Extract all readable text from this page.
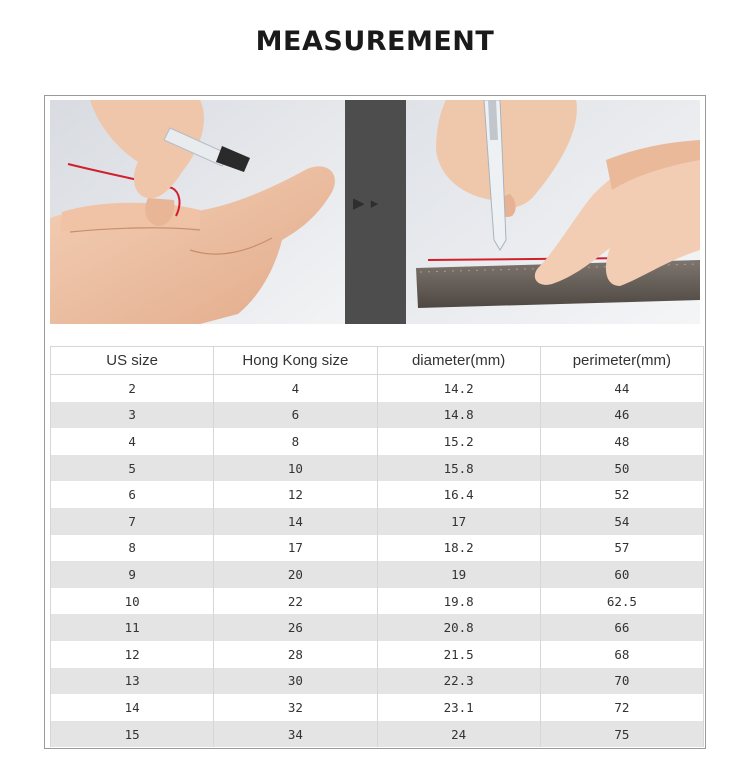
MEASUREMENT
▶ ▸
US size	Hong Kong size	diameter(mm)	perimeter(mm)
2	4	14.2	44
3	6	14.8	46
4	8	15.2	48
5	10	15.8	50
6	12	16.4	52
7	14	17	54
8	17	18.2	57
9	20	19	60
10	22	19.8	62.5
11	26	20.8	66
12	28	21.5	68
13	30	22.3	70
14	32	23.1	72
15	34	24	75
